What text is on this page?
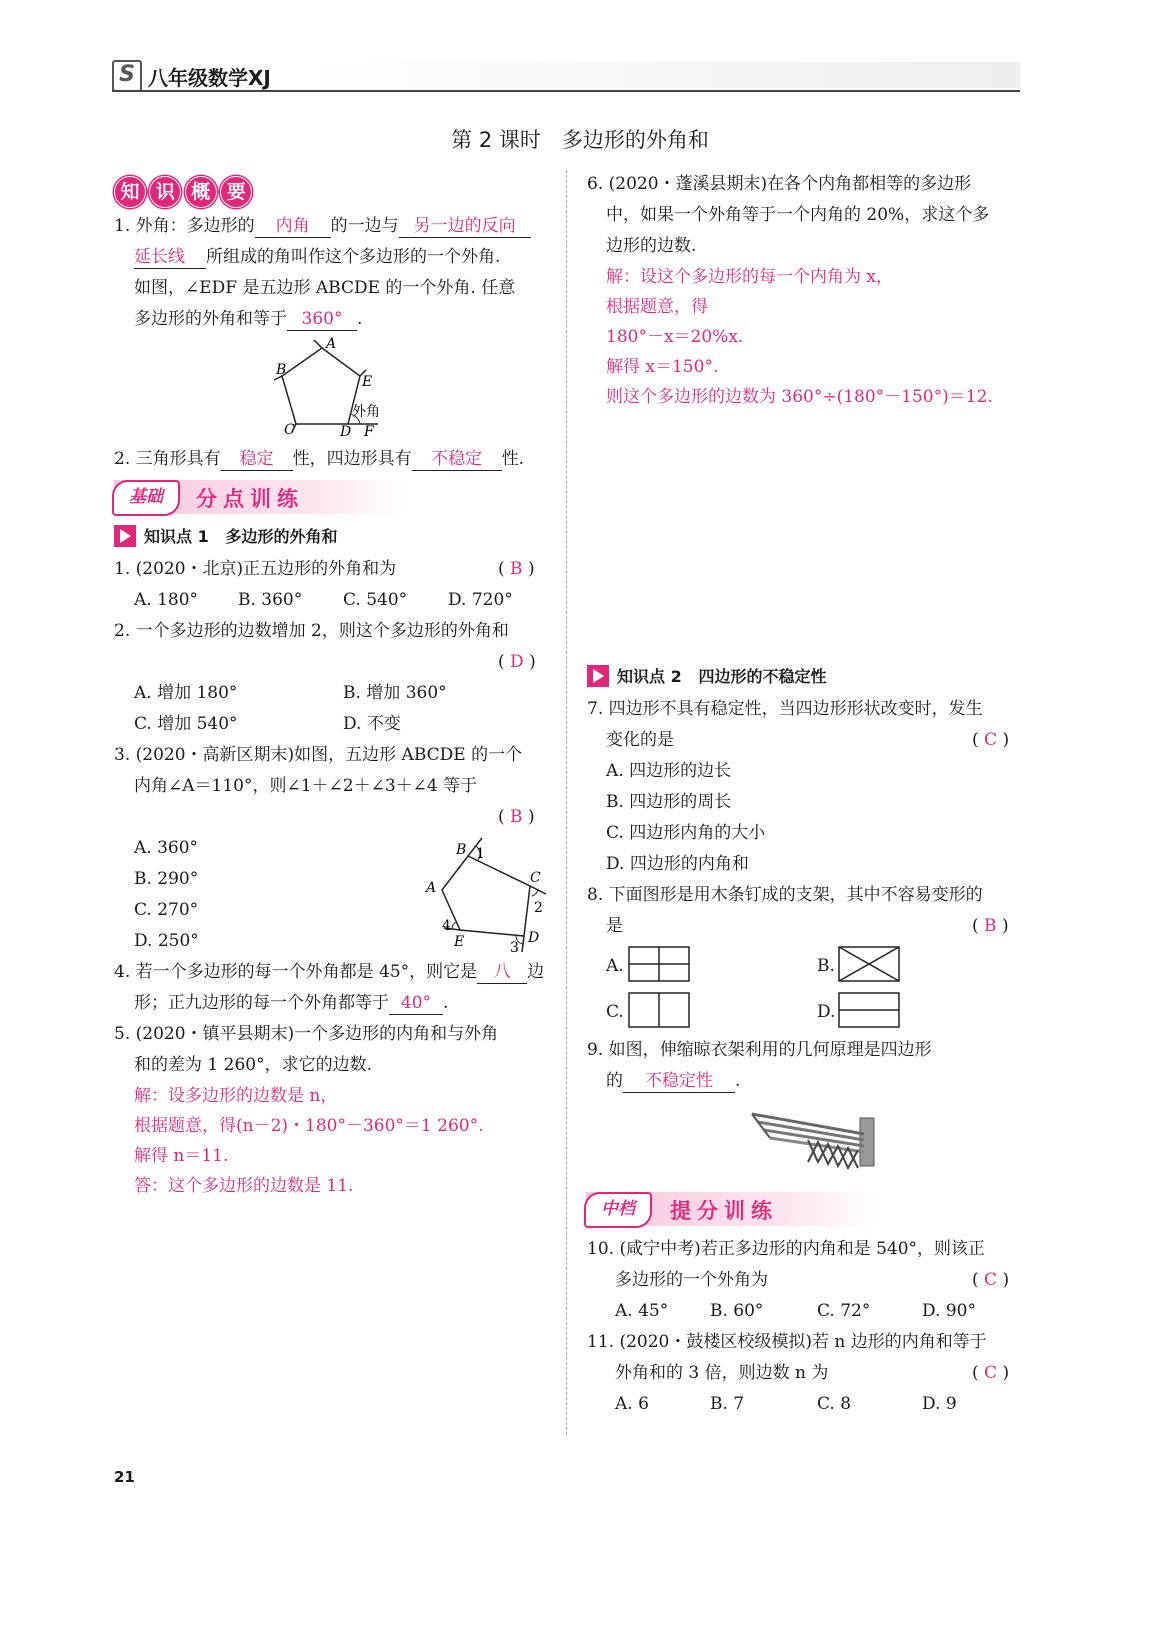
S 八年级数学XJ
第 2 课时　多边形的外角和
知 识 概 要
1. 外角：多边形的 内角 的一边与 另一边的反向
延长线 所组成的角叫作这个多边形的一个外角.
如图，∠EDF 是五边形 ABCDE 的一个外角. 任意
多边形的外角和等于 360° .
A
B
C	D
E
F
外角
2. 三角形具有 稳定 性，四边形具有 不稳定 性.
基础	分点训练
知识点 1 多边形的外角和
1. (2020・北京)正五边形的外角和为	( B )
A. 180° B. 360° C. 540° D. 720°
2. 一个多边形的边数增加 2，则这个多边形的外角和
( D )
A. 增加 180°	B. 增加 360°
C. 增加 540°	D. 不变
3. (2020・高新区期末)如图，五边形 ABCDE 的一个
内角∠A＝110°，则∠1＋∠2＋∠3＋∠4 等于
( B )
A. 360°
B. 290°
C. 270°
D. 250°
B 1
A
C
2
D
3
E
4
4. 若一个多边形的每一个外角都是 45°，则它是 八 边
形；正九边形的每一个外角都等于 40° .
5. (2020・镇平县期末)一个多边形的内角和与外角
和的差为 1 260°，求它的边数.
解：设多边形的边数是 n，
根据题意，得(n－2)・180°－360°＝1 260°.
解得 n＝11.
答：这个多边形的边数是 11.
6. (2020・蓬溪县期末)在各个内角都相等的多边形
中，如果一个外角等于一个内角的 20%，求这个多
边形的边数.
解：设这个多边形的每一个内角为 x，
根据题意，得
180°－x＝20%x.
解得 x＝150°.
则这个多边形的边数为 360°÷(180°－150°)＝12.
知识点 2 四边形的不稳定性
7. 四边形不具有稳定性，当四边形形状改变时，发生
变化的是	( C )
A. 四边形的边长
B. 四边形的周长
C. 四边形内角的大小
D. 四边形的内角和
8. 下面图形是用木条钉成的支架，其中不容易变形的
是	( B )
A.	B.
C.	D.
9. 如图，伸缩晾衣架利用的几何原理是四边形
的 不稳定性 .
中档	提分训练
10. (咸宁中考)若正多边形的内角和是 540°，则该正
多边形的一个外角为	( C )
A. 45° B. 60°	C. 72°	D. 90°
11. (2020・鼓楼区校级模拟)若 n 边形的内角和等于
外角和的 3 倍，则边数 n 为	( C )
A. 6	B. 7	C. 8	D. 9
21
